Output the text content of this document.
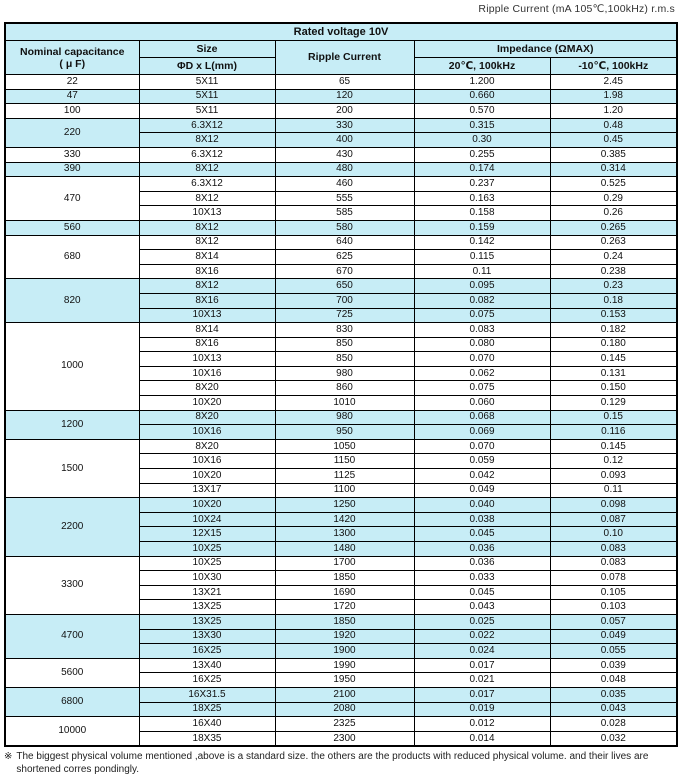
Ripple Current (mA 105℃,100kHz) r.m.s
Rated voltage 10V				

Nominal capacitance
( μ F)	Size	Ripple Current	Impedance (ΩMAX)	
	ΦD x L(mm)		20℃, 100kHz	-10℃, 100kHz
22	5X11	65	1.200	2.45
47	5X11	120	0.660	1.98
100	5X11	200	0.570	1.20
220	6.3X12	330	0.315	0.48
	8X12	400	0.30	0.45
330	6.3X12	430	0.255	0.385
390	8X12	480	0.174	0.314
470	6.3X12	460	0.237	0.525
	8X12	555	0.163	0.29
	10X13	585	0.158	0.26
560	8X12	580	0.159	0.265
680	8X12	640	0.142	0.263
	8X14	625	0.115	0.24
	8X16	670	0.11	0.238
820	8X12	650	0.095	0.23
	8X16	700	0.082	0.18
	10X13	725	0.075	0.153
1000	8X14	830	0.083	0.182
	8X16	850	0.080	0.180
	10X13	850	0.070	0.145
	10X16	980	0.062	0.131
	8X20	860	0.075	0.150
	10X20	1010	0.060	0.129
1200	8X20	980	0.068	0.15
	10X16	950	0.069	0.116
1500	8X20	1050	0.070	0.145
	10X16	1150	0.059	0.12
	10X20	1125	0.042	0.093
	13X17	1100	0.049	0.11
2200	10X20	1250	0.040	0.098
	10X24	1420	0.038	0.087
	12X15	1300	0.045	0.10
	10X25	1480	0.036	0.083
3300	10X25	1700	0.036	0.083
	10X30	1850	0.033	0.078
	13X21	1690	0.045	0.105
	13X25	1720	0.043	0.103
4700	13X25	1850	0.025	0.057
	13X30	1920	0.022	0.049
	16X25	1900	0.024	0.055
5600	13X40	1990	0.017	0.039
	16X25	1950	0.021	0.048
6800	16X31.5	2100	0.017	0.035
	18X25	2080	0.019	0.043
10000	16X40	2325	0.012	0.028
	18X35	2300	0.014	0.032
※ The biggest physical volume mentioned ,above is a standard size. the others are the products with reduced physical volume. and their lives are shortened corres pondingly.
